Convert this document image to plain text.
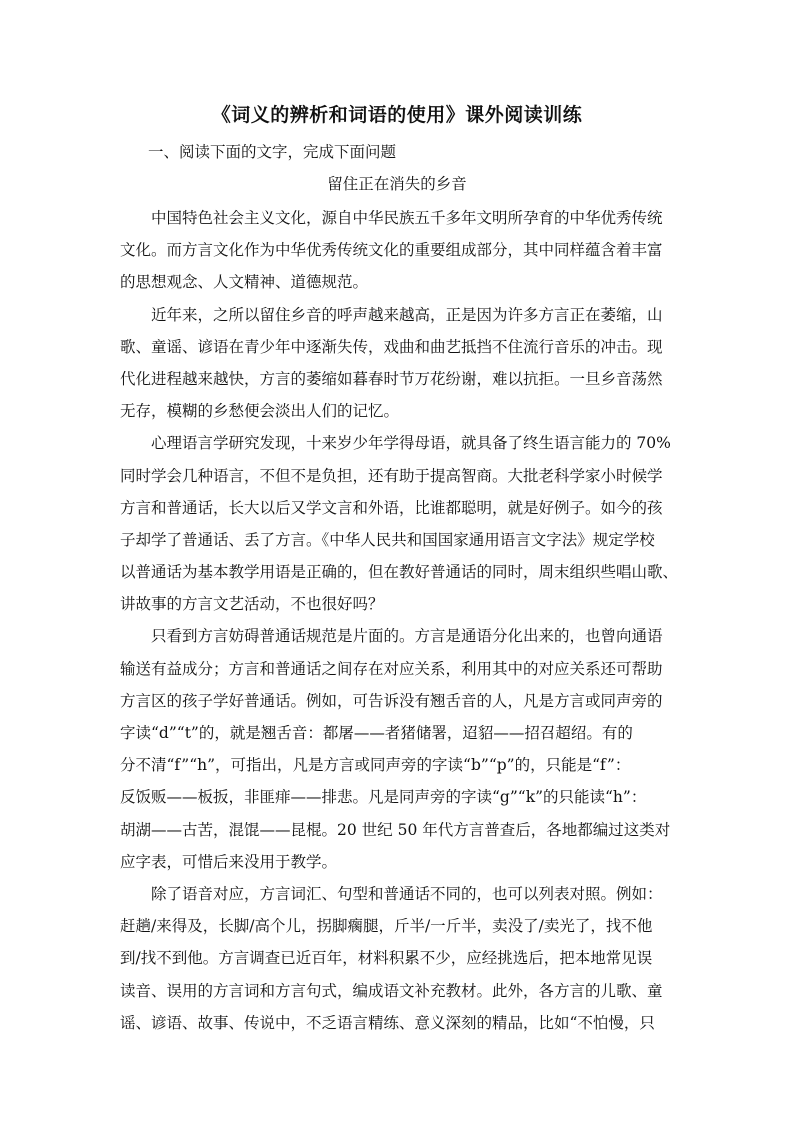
《词义的辨析和词语的使用》课外阅读训练

一、阅读下面的文字，完成下面问题

留住正在消失的乡音

中国特色社会主义文化，源自中华民族五千多年文明所孕育的中华优秀传统
文化。而方言文化作为中华优秀传统文化的重要组成部分，其中同样蕴含着丰富
的思想观念、人文精神、道德规范。
近年来，之所以留住乡音的呼声越来越高，正是因为许多方言正在萎缩，山
歌、童谣、谚语在青少年中逐渐失传，戏曲和曲艺抵挡不住流行音乐的冲击。现
代化进程越来越快，方言的萎缩如暮春时节万花纷谢，难以抗拒。一旦乡音荡然
无存，模糊的乡愁便会淡出人们的记忆。
心理语言学研究发现，十来岁少年学得母语，就具备了终生语言能力的 70%
同时学会几种语言，不但不是负担，还有助于提高智商。大批老科学家小时候学
方言和普通话，长大以后又学文言和外语，比谁都聪明，就是好例子。如今的孩
子却学了普通话、丢了方言。《中华人民共和国国家通用语言文字法》规定学校
以普通话为基本教学用语是正确的，但在教好普通话的同时，周末组织些唱山歌、
讲故事的方言文艺活动，不也很好吗？
只看到方言妨碍普通话规范是片面的。方言是通语分化出来的，也曾向通语
输送有益成分；方言和普通话之间存在对应关系，利用其中的对应关系还可帮助
方言区的孩子学好普通话。例如，可告诉没有翘舌音的人，凡是方言或同声旁的
字读“d”“t”的，就是翘舌音：都屠——者猪储署，迢貂——招召超绍。有的
分不清“f”“h”，可指出，凡是方言或同声旁的字读“b”“p”的，只能是“f”：
反饭贩——板扳，非匪痱——排悲。凡是同声旁的字读“g”“k”的只能读“h”：
胡湖——古苦，混馄——昆棍。20 世纪 50 年代方言普查后，各地都编过这类对
应字表，可惜后来没用于教学。
除了语音对应，方言词汇、句型和普通话不同的，也可以列表对照。例如：
赶趟/来得及，长脚/高个儿，拐脚瘸腿，斤半/一斤半，卖没了/卖光了，找不他
到/找不到他。方言调查已近百年，材料积累不少，应经挑选后，把本地常见误
读音、误用的方言词和方言句式，编成语文补充教材。此外，各方言的儿歌、童
谣、谚语、故事、传说中，不乏语言精练、意义深刻的精品，比如“不怕慢，只
